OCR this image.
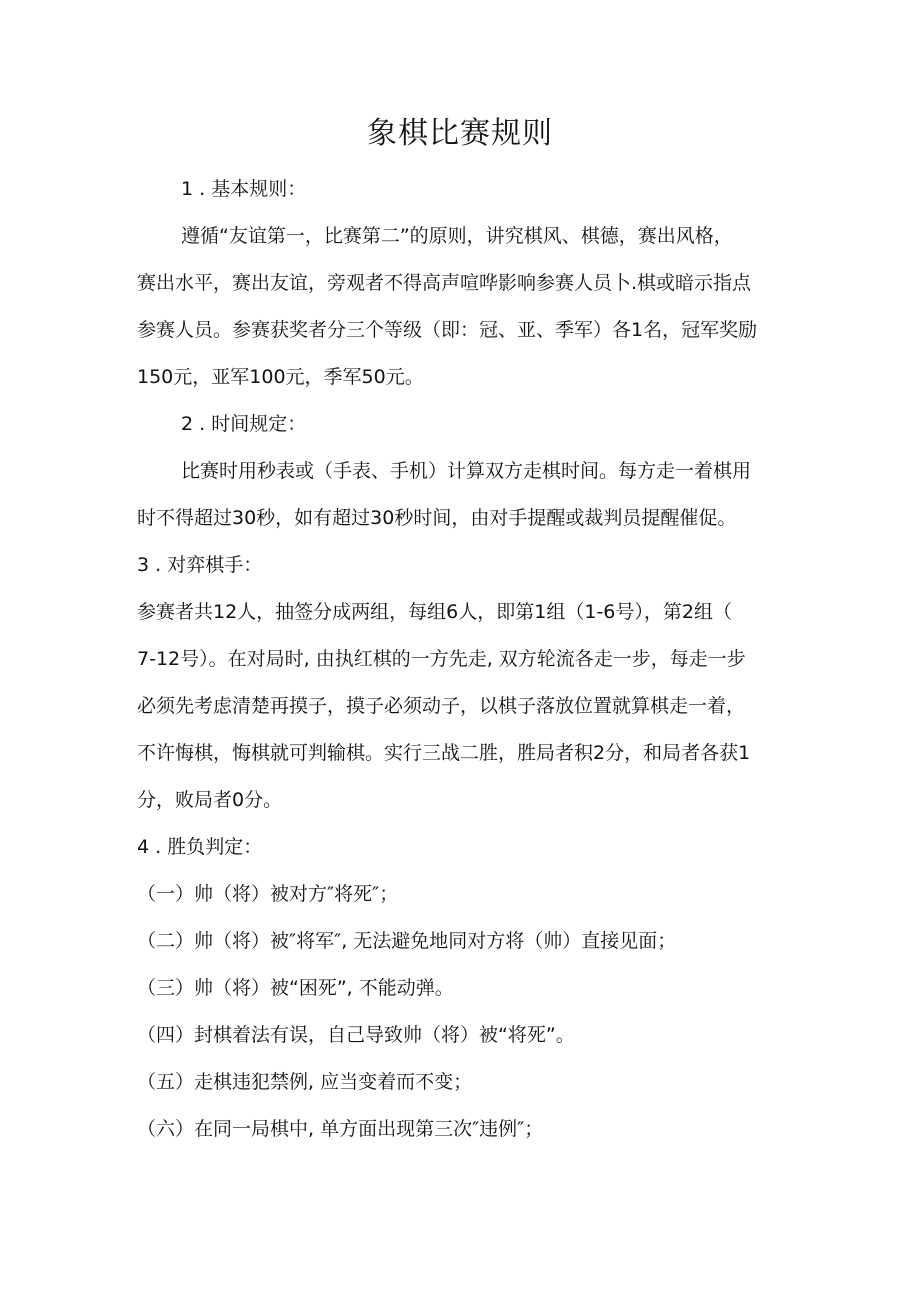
象棋比赛规则
1 . 基本规则：
遵循“友谊第一，比赛第二”的原则，讲究棋风、棋德，赛出风格，
赛出水平，赛出友谊，旁观者不得高声喧哗影响参赛人员卜.棋或暗示指点
参赛人员。参赛获奖者分三个等级（即：冠、亚、季军）各1名，冠军奖励
150元，亚军100元，季军50元。
2 . 时间规定：
比赛时用秒表或（手表、手机）计算双方走棋时间。每方走一着棋用
时不得超过30秒，如有超过30秒时间，由对手提醒或裁判员提醒催促。
3 . 对弈棋手：
参赛者共12人，抽签分成两组，每组6人，即第1组（1-6号），第2组（
7-12号）。在对局时, 由执红棋的一方先走, 双方轮流各走一步，每走一步
必须先考虑清楚再摸子，摸子必须动子，以棋子落放位置就算棋走一着，
不许悔棋，悔棋就可判输棋。实行三战二胜，胜局者积2分，和局者各获1
分，败局者0分。
4 . 胜负判定：
（一）帅（将）被对方″将死″；
（二）帅（将）被″将军″, 无法避免地同对方将（帅）直接见面；
（三）帅（将）被“困死”, 不能动弹。
（四）封棋着法有误，自己导致帅（将）被“将死”。
（五）走棋违犯禁例, 应当变着而不变；
（六）在同一局棋中, 单方面出现第三次″违例″；
